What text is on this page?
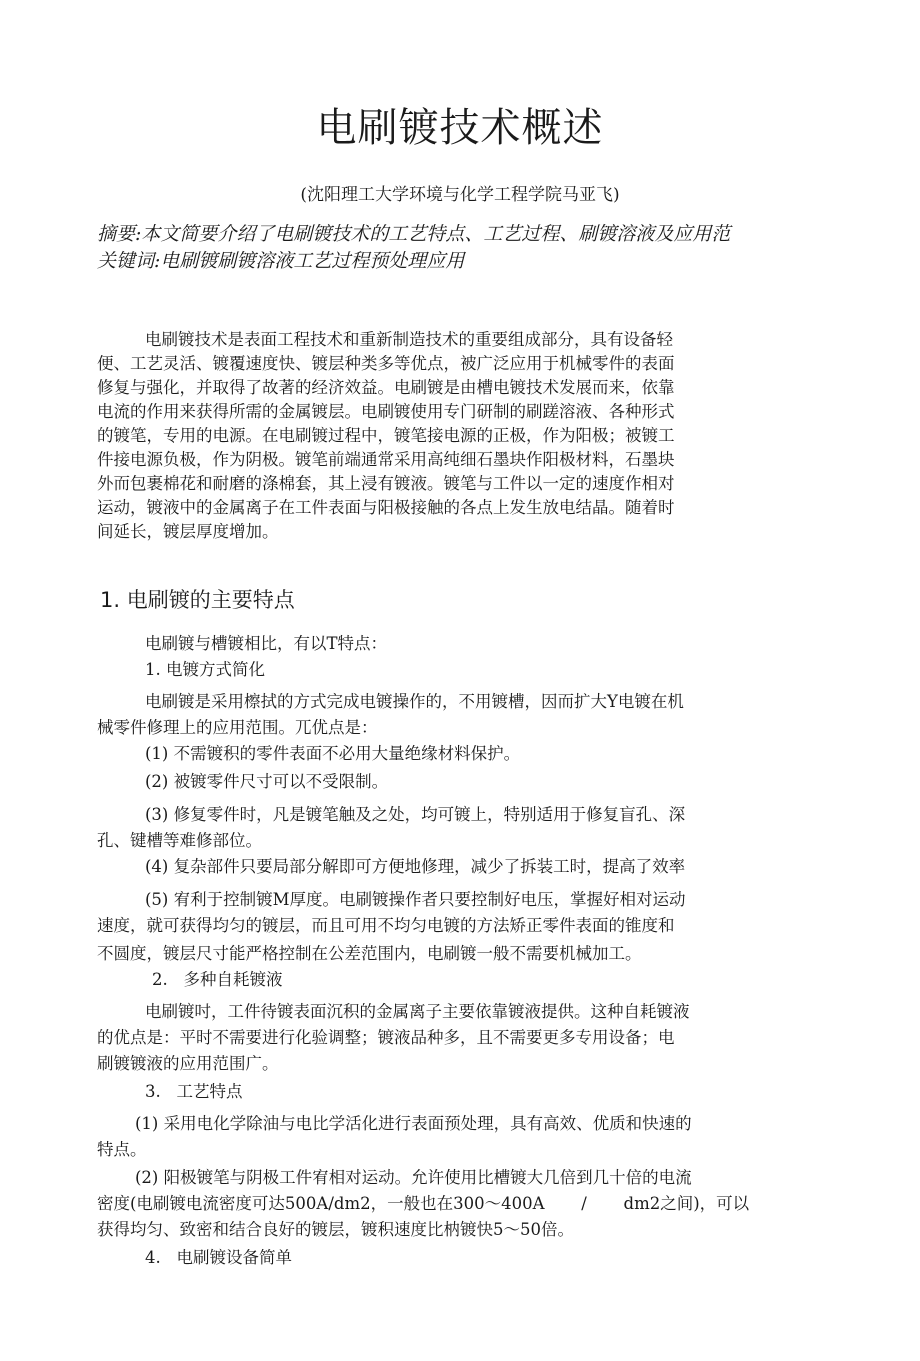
电刷镀技术概述
(沈阳理工大学环境与化学工程学院马亚飞)
摘要:本文简要介绍了电刷镀技术的工艺特点、工艺过程、刷镀溶液及应用范
关键词:电刷镀刷镀溶液工艺过程预处理应用
电刷镀技术是表面工程技术和重新制造技术的重要组成部分，具有设备轻
便、工艺灵活、镀覆速度快、镀层种类多等优点，被广泛应用于机械零件的表面
修复与强化，并取得了故著的经济效益。电刷镀是由槽电镀技术发展而来，依靠
电流的作用来获得所需的金属镀层。电刷镀使用专门研制的刷蹉溶液、各种形式
的镀笔，专用的电源。在电刷镀过程中，镀笔接电源的正极，作为阳极；被镀工
件接电源负极，作为阴极。镀笔前端通常采用高纯细石墨块作阳极材料，石墨块
外而包裹棉花和耐磨的涤棉套，其上浸有镀液。镀笔与工件以一定的速度作相对
运动，镀液中的金属离子在工件表面与阳极接触的各点上发生放电结晶。随着时
间延长，镀层厚度增加。
1. 电刷镀的主要特点
电刷镀与槽镀相比，有以T特点：
1. 电镀方式简化
电刷镀是采用檫拭的方式完成电镀操作的，不用镀槽，因而扩大Y电镀在机
械零件修理上的应用范围。兀优点是：
(1) 不需镀积的零件表面不必用大量绝缘材料保护。
(2) 被镀零件尺寸可以不受限制。
(3) 修复零件时，凡是镀笔触及之处，均可镀上，特别适用于修复盲孔、深
孔、键槽等难修部位。
(4) 复杂部件只要局部分解即可方便地修理，减少了拆装工时，提高了效率
(5) 宥利于控制镀M厚度。电刷镀操作者只要控制好电压，掌握好相对运动
速度，就可获得均匀的镀层，而且可用不均匀电镀的方法矫正零件表面的锥度和
不圆度，镀层尺寸能严格控制在公差范围内，电刷镀一般不需要机械加工。
2.   多种自耗镀液
电刷镀吋，工件待镀表面沉积的金属离子主要依靠镀液提供。这种自耗镀液
的优点是：平时不需要进行化验调整；镀液品种多，且不需要更多专用设备；电
刷镀镀液的应用范围广。
3.   工艺特点
(1) 采用电化学除油与电比学活化进行表面预处理，具有高效、优质和快速的
特点。
(2) 阳极镀笔与阴极工件宥相对运动。允许使用比槽镀大几倍到几十倍的电流
密度(电刷镀电流密度可达500A/dm2，一般也在300～400A       /       dm2之间)，可以
获得均匀、致密和结合良好的镀层，镀积速度比枘镀快5～50倍。
4.   电刷镀设备简单
